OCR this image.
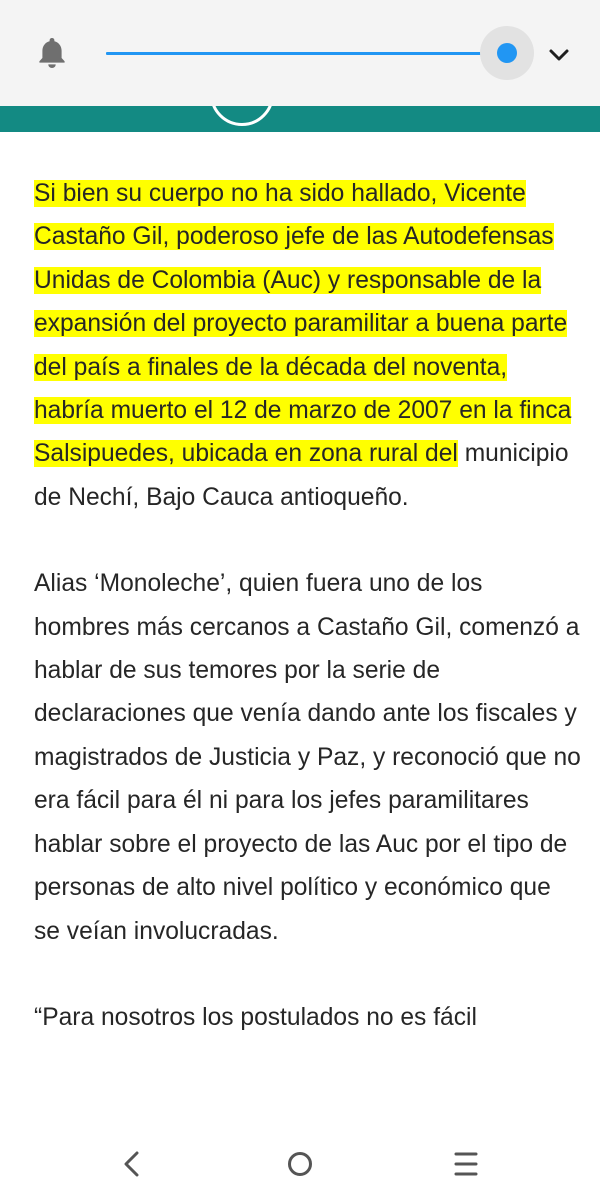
Si bien su cuerpo no ha sido hallado, Vicente Castaño Gil, poderoso jefe de las Autodefensas Unidas de Colombia (Auc) y responsable de la expansión del proyecto paramilitar a buena parte del país a finales de la década del noventa, habría muerto el 12 de marzo de 2007 en la finca Salsipuedes, ubicada en zona rural del municipio de Nechí, Bajo Cauca antioqueño.

Alias ‘Monoleche’, quien fuera uno de los hombres más cercanos a Castaño Gil, comenzó a hablar de sus temores por la serie de declaraciones que venía dando ante los fiscales y magistrados de Justicia y Paz, y reconoció que no era fácil para él ni para los jefes paramilitares hablar sobre el proyecto de las Auc por el tipo de personas de alto nivel político y económico que se veían involucradas.

“Para nosotros los postulados no es fácil
